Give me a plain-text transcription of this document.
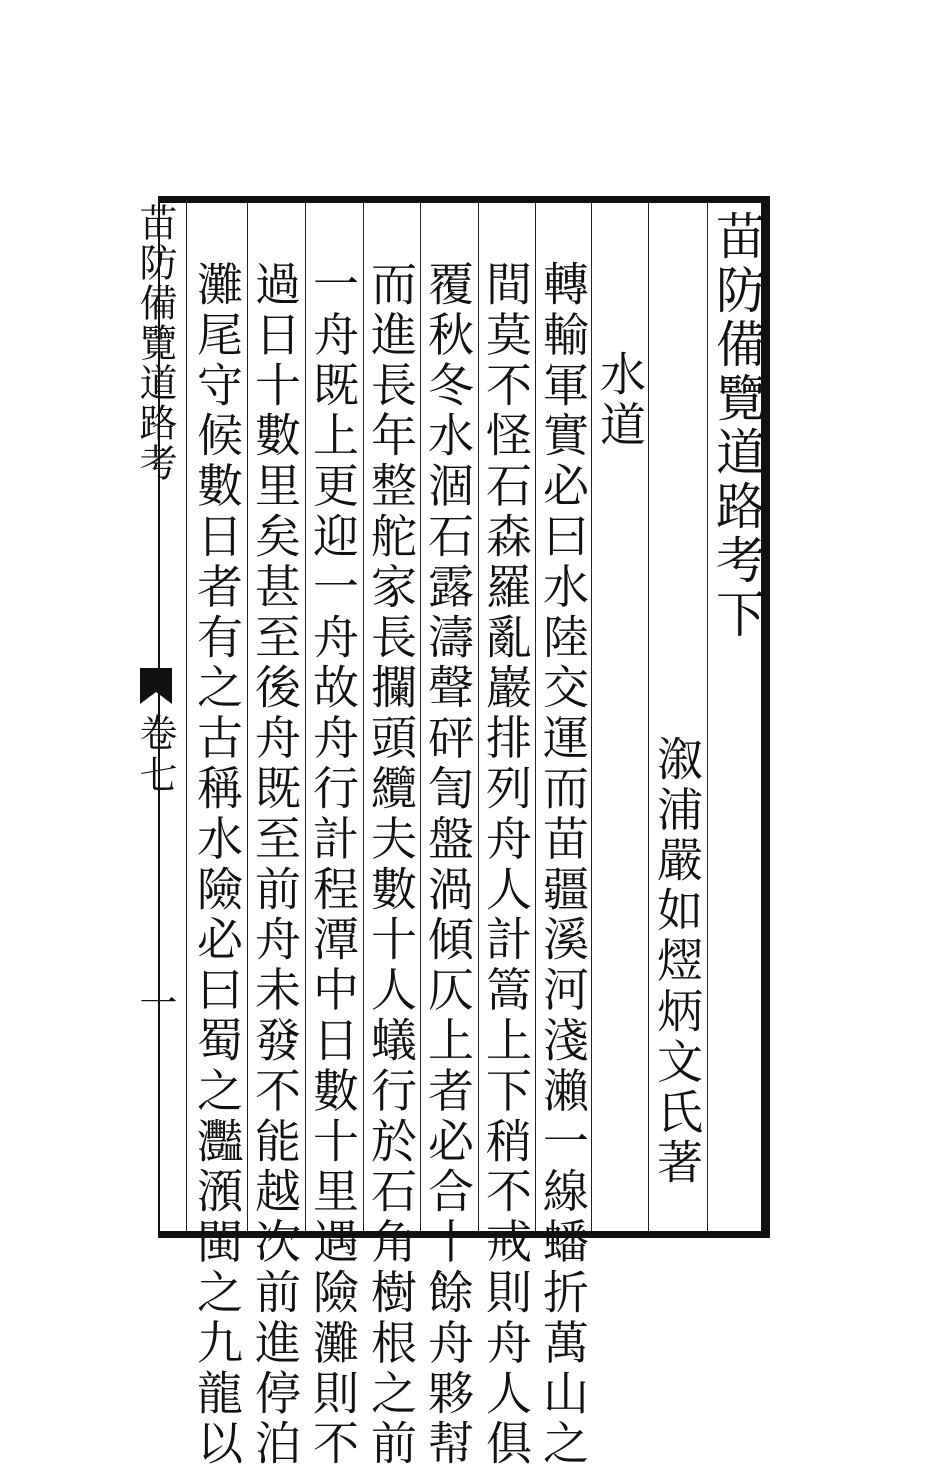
苗防備覽道路考下
溆浦嚴如熤炳文氏著
水道
轉輸軍實必曰水陸交運而苗疆溪河淺瀨一線蟠折萬山之
間莫不怪石森羅亂巖排列舟人計篙上下稍不戒則舟人俱
覆秋冬水涸石露濤聲砰訇盤渦傾仄上者必合十餘舟夥幇
而進長年整舵家長攔頭纜夫數十人蟻行於石角樹根之前
一舟既上更迎一舟故舟行計程潭中日數十里遇險灘則不
過日十數里矣甚至後舟既至前舟未發不能越次前進停泊
灘尾守候數日者有之古稱水險必曰蜀之灩澦閩之九龍以
苗防備覽道路考
卷七
一
